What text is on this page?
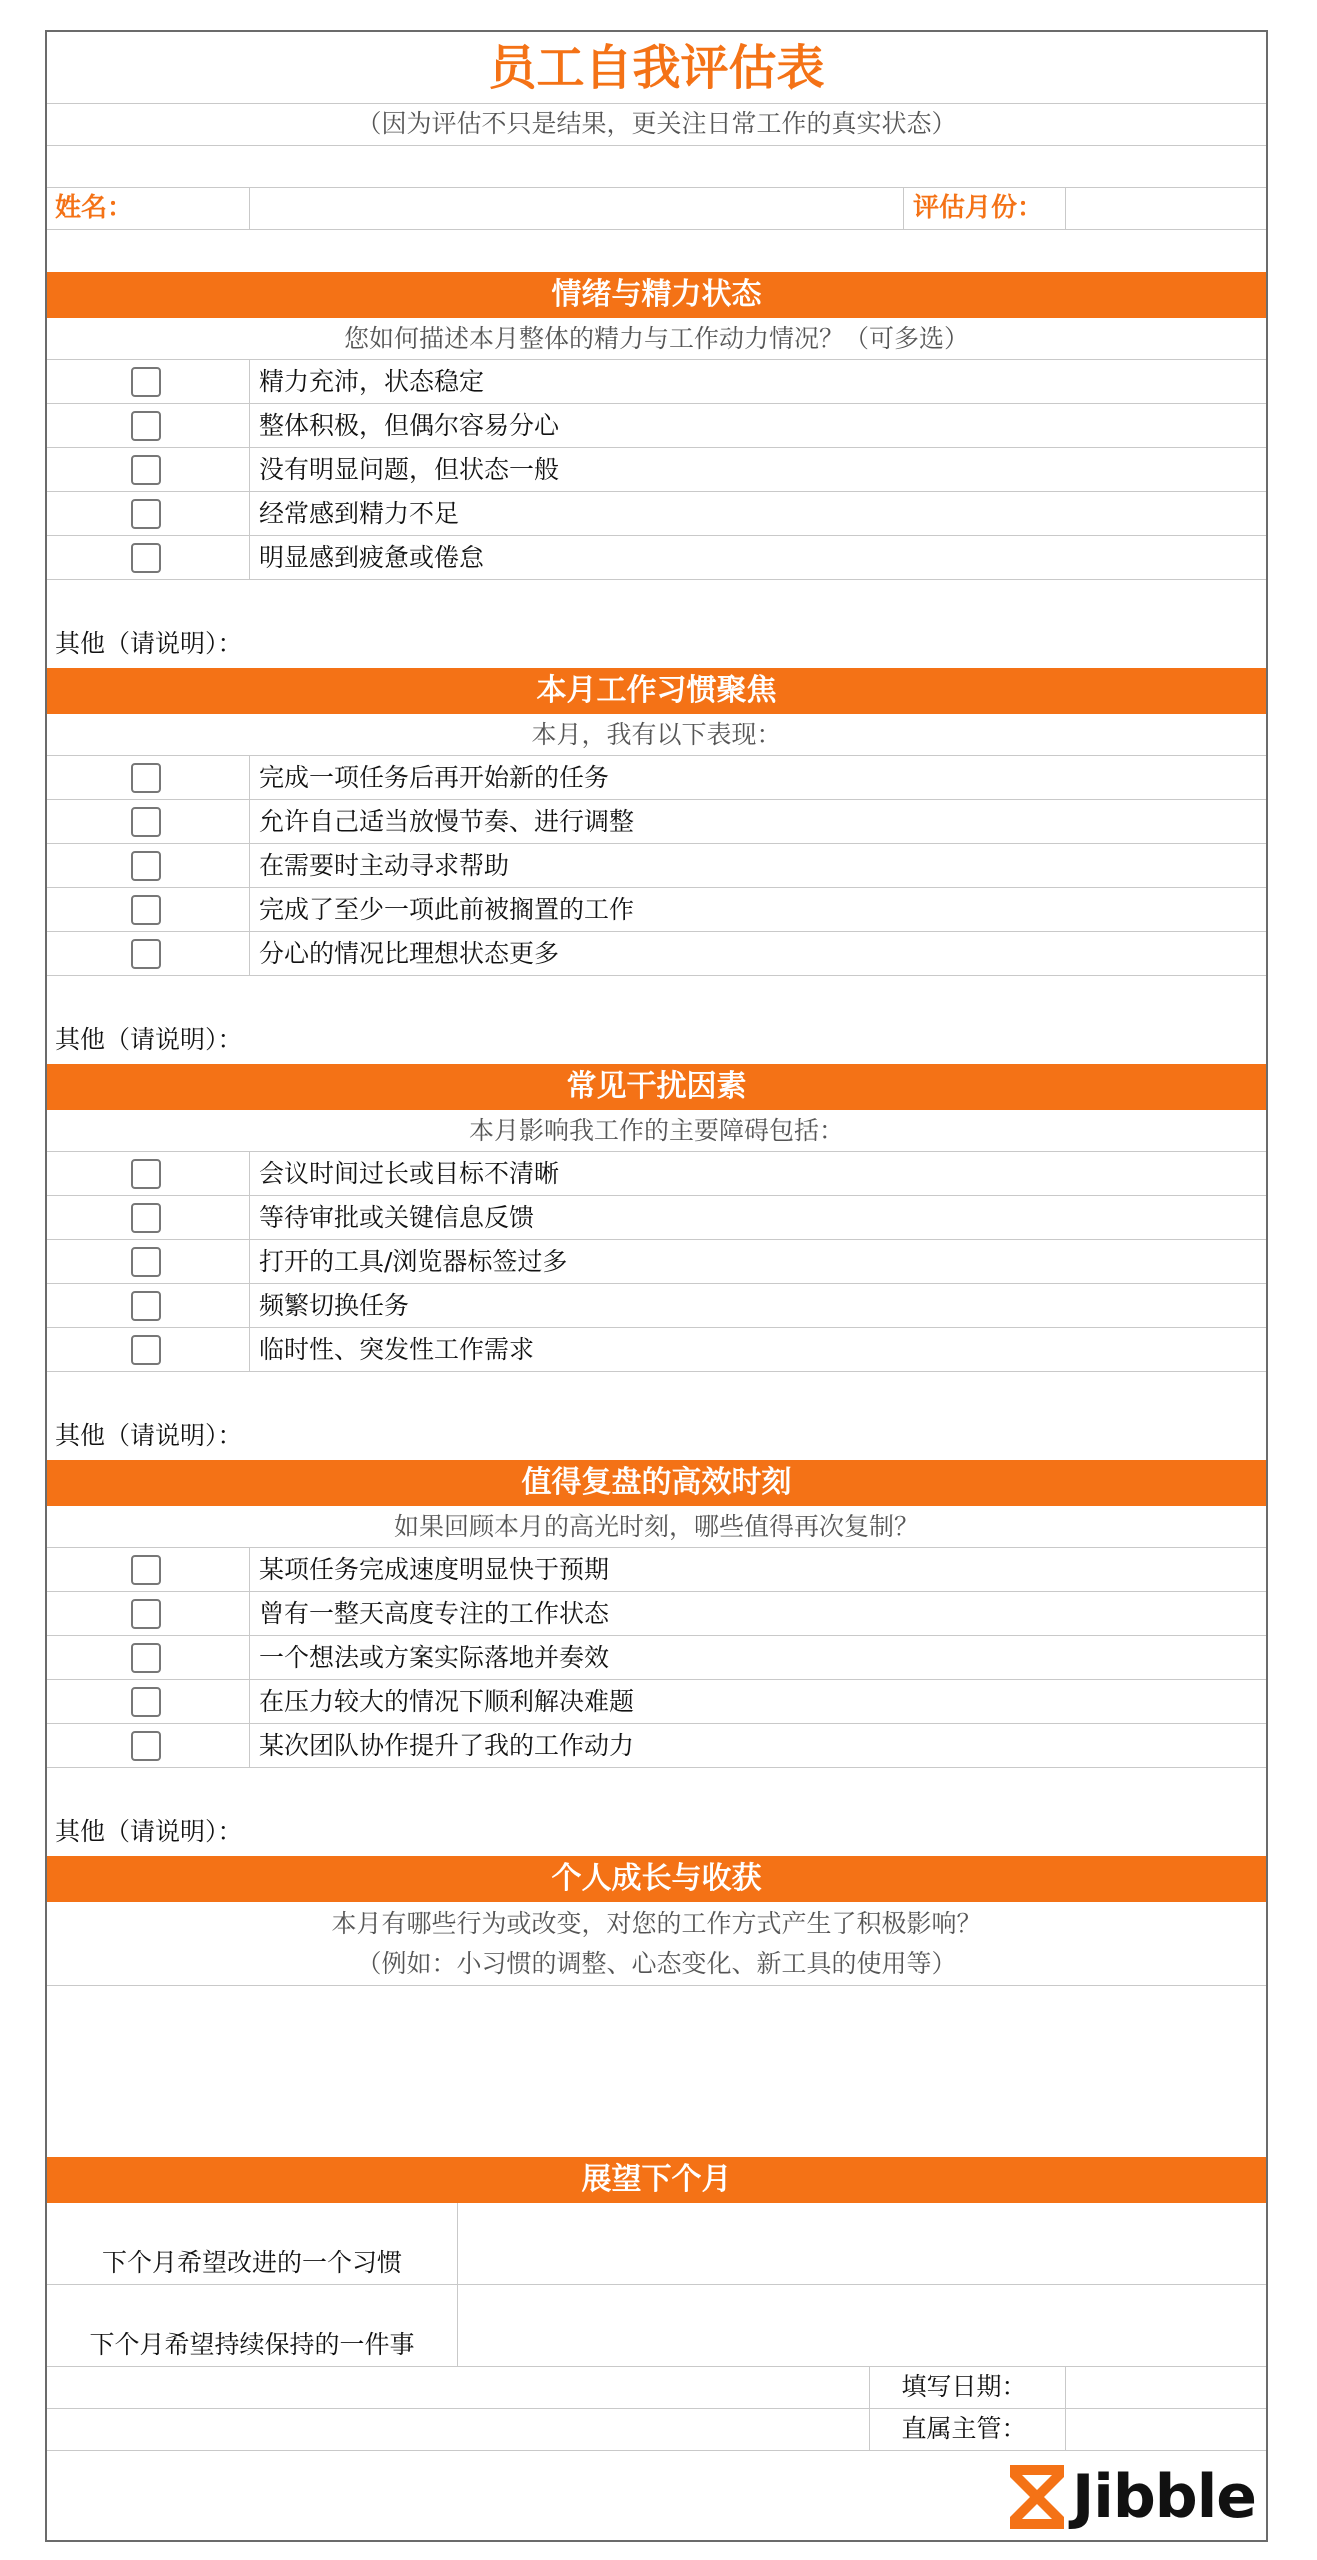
员工自我评估表
（因为评估不只是结果，更关注日常工作的真实状态）
姓名：	评估月份：
情绪与精力状态
您如何描述本月整体的精力与工作动力情况？（可多选）
精力充沛，状态稳定
整体积极，但偶尔容易分心
没有明显问题，但状态一般
经常感到精力不足
明显感到疲惫或倦怠
其他（请说明）：
本月工作习惯聚焦
本月，我有以下表现：
完成一项任务后再开始新的任务
允许自己适当放慢节奏、进行调整
在需要时主动寻求帮助
完成了至少一项此前被搁置的工作
分心的情况比理想状态更多
其他（请说明）：
常见干扰因素
本月影响我工作的主要障碍包括：
会议时间过长或目标不清晰
等待审批或关键信息反馈
打开的工具/浏览器标签过多
频繁切换任务
临时性、突发性工作需求
其他（请说明）：
值得复盘的高效时刻
如果回顾本月的高光时刻，哪些值得再次复制？
某项任务完成速度明显快于预期
曾有一整天高度专注的工作状态
一个想法或方案实际落地并奏效
在压力较大的情况下顺利解决难题
某次团队协作提升了我的工作动力
其他（请说明）：
个人成长与收获
本月有哪些行为或改变，对您的工作方式产生了积极影响？
（例如：小习惯的调整、心态变化、新工具的使用等）
展望下个月
下个月希望改进的一个习惯
下个月希望持续保持的一件事
填写日期：
直属主管：
Jibble
